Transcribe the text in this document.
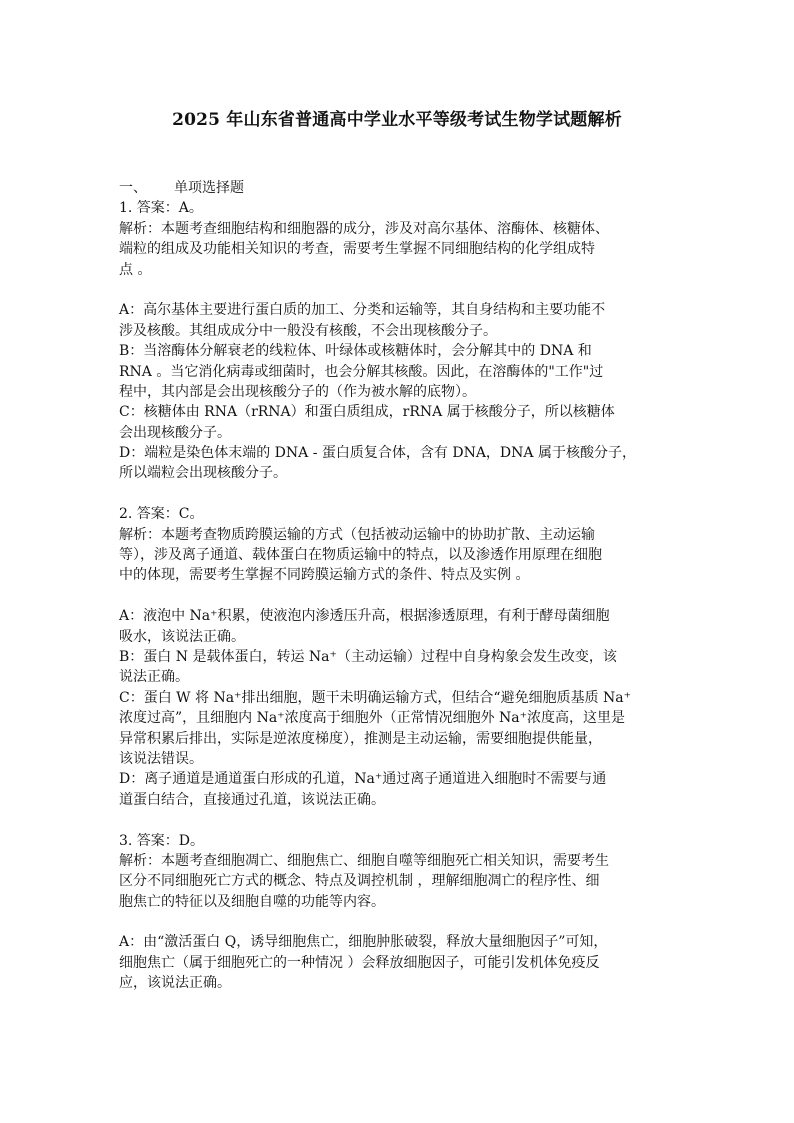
2025 年山东省普通高中学业水平等级考试生物学试题解析
一、 单项选择题
1. 答案：A。
解析：本题考查细胞结构和细胞器的成分，涉及对高尔基体、溶酶体、核糖体、
端粒的组成及功能相关知识的考查，需要考生掌握不同细胞结构的化学组成特
点 。
A：高尔基体主要进行蛋白质的加工、分类和运输等，其自身结构和主要功能不
涉及核酸。其组成成分中一般没有核酸，不会出现核酸分子。
B：当溶酶体分解衰老的线粒体、叶绿体或核糖体时，会分解其中的 DNA 和
RNA 。当它消化病毒或细菌时，也会分解其核酸。因此，在溶酶体的"工作"过
程中，其内部是会出现核酸分子的（作为被水解的底物）。
C：核糖体由 RNA（rRNA）和蛋白质组成，rRNA 属于核酸分子，所以核糖体
会出现核酸分子。
D：端粒是染色体末端的 DNA - 蛋白质复合体，含有 DNA，DNA 属于核酸分子，
所以端粒会出现核酸分子。
2. 答案：C。
解析：本题考查物质跨膜运输的方式（包括被动运输中的协助扩散、主动运输
等），涉及离子通道、载体蛋白在物质运输中的特点，以及渗透作用原理在细胞
中的体现，需要考生掌握不同跨膜运输方式的条件、特点及实例 。
A：液泡中 Na⁺积累，使液泡内渗透压升高，根据渗透原理，有利于酵母菌细胞
吸水，该说法正确。
B：蛋白 N 是载体蛋白，转运 Na⁺（主动运输）过程中自身构象会发生改变，该
说法正确。
C：蛋白 W 将 Na⁺排出细胞，题干未明确运输方式，但结合“避免细胞质基质 Na⁺
浓度过高”，且细胞内 Na⁺浓度高于细胞外（正常情况细胞外 Na⁺浓度高，这里是
异常积累后排出，实际是逆浓度梯度），推测是主动运输，需要细胞提供能量，
该说法错误。
D：离子通道是通道蛋白形成的孔道，Na⁺通过离子通道进入细胞时不需要与通
道蛋白结合，直接通过孔道，该说法正确。
3. 答案：D。
解析：本题考查细胞凋亡、细胞焦亡、细胞自噬等细胞死亡相关知识，需要考生
区分不同细胞死亡方式的概念、特点及调控机制 ，理解细胞凋亡的程序性、细
胞焦亡的特征以及细胞自噬的功能等内容。
A：由“激活蛋白 Q，诱导细胞焦亡，细胞肿胀破裂，释放大量细胞因子”可知，
细胞焦亡（属于细胞死亡的一种情况 ）会释放细胞因子，可能引发机体免疫反
应，该说法正确。
